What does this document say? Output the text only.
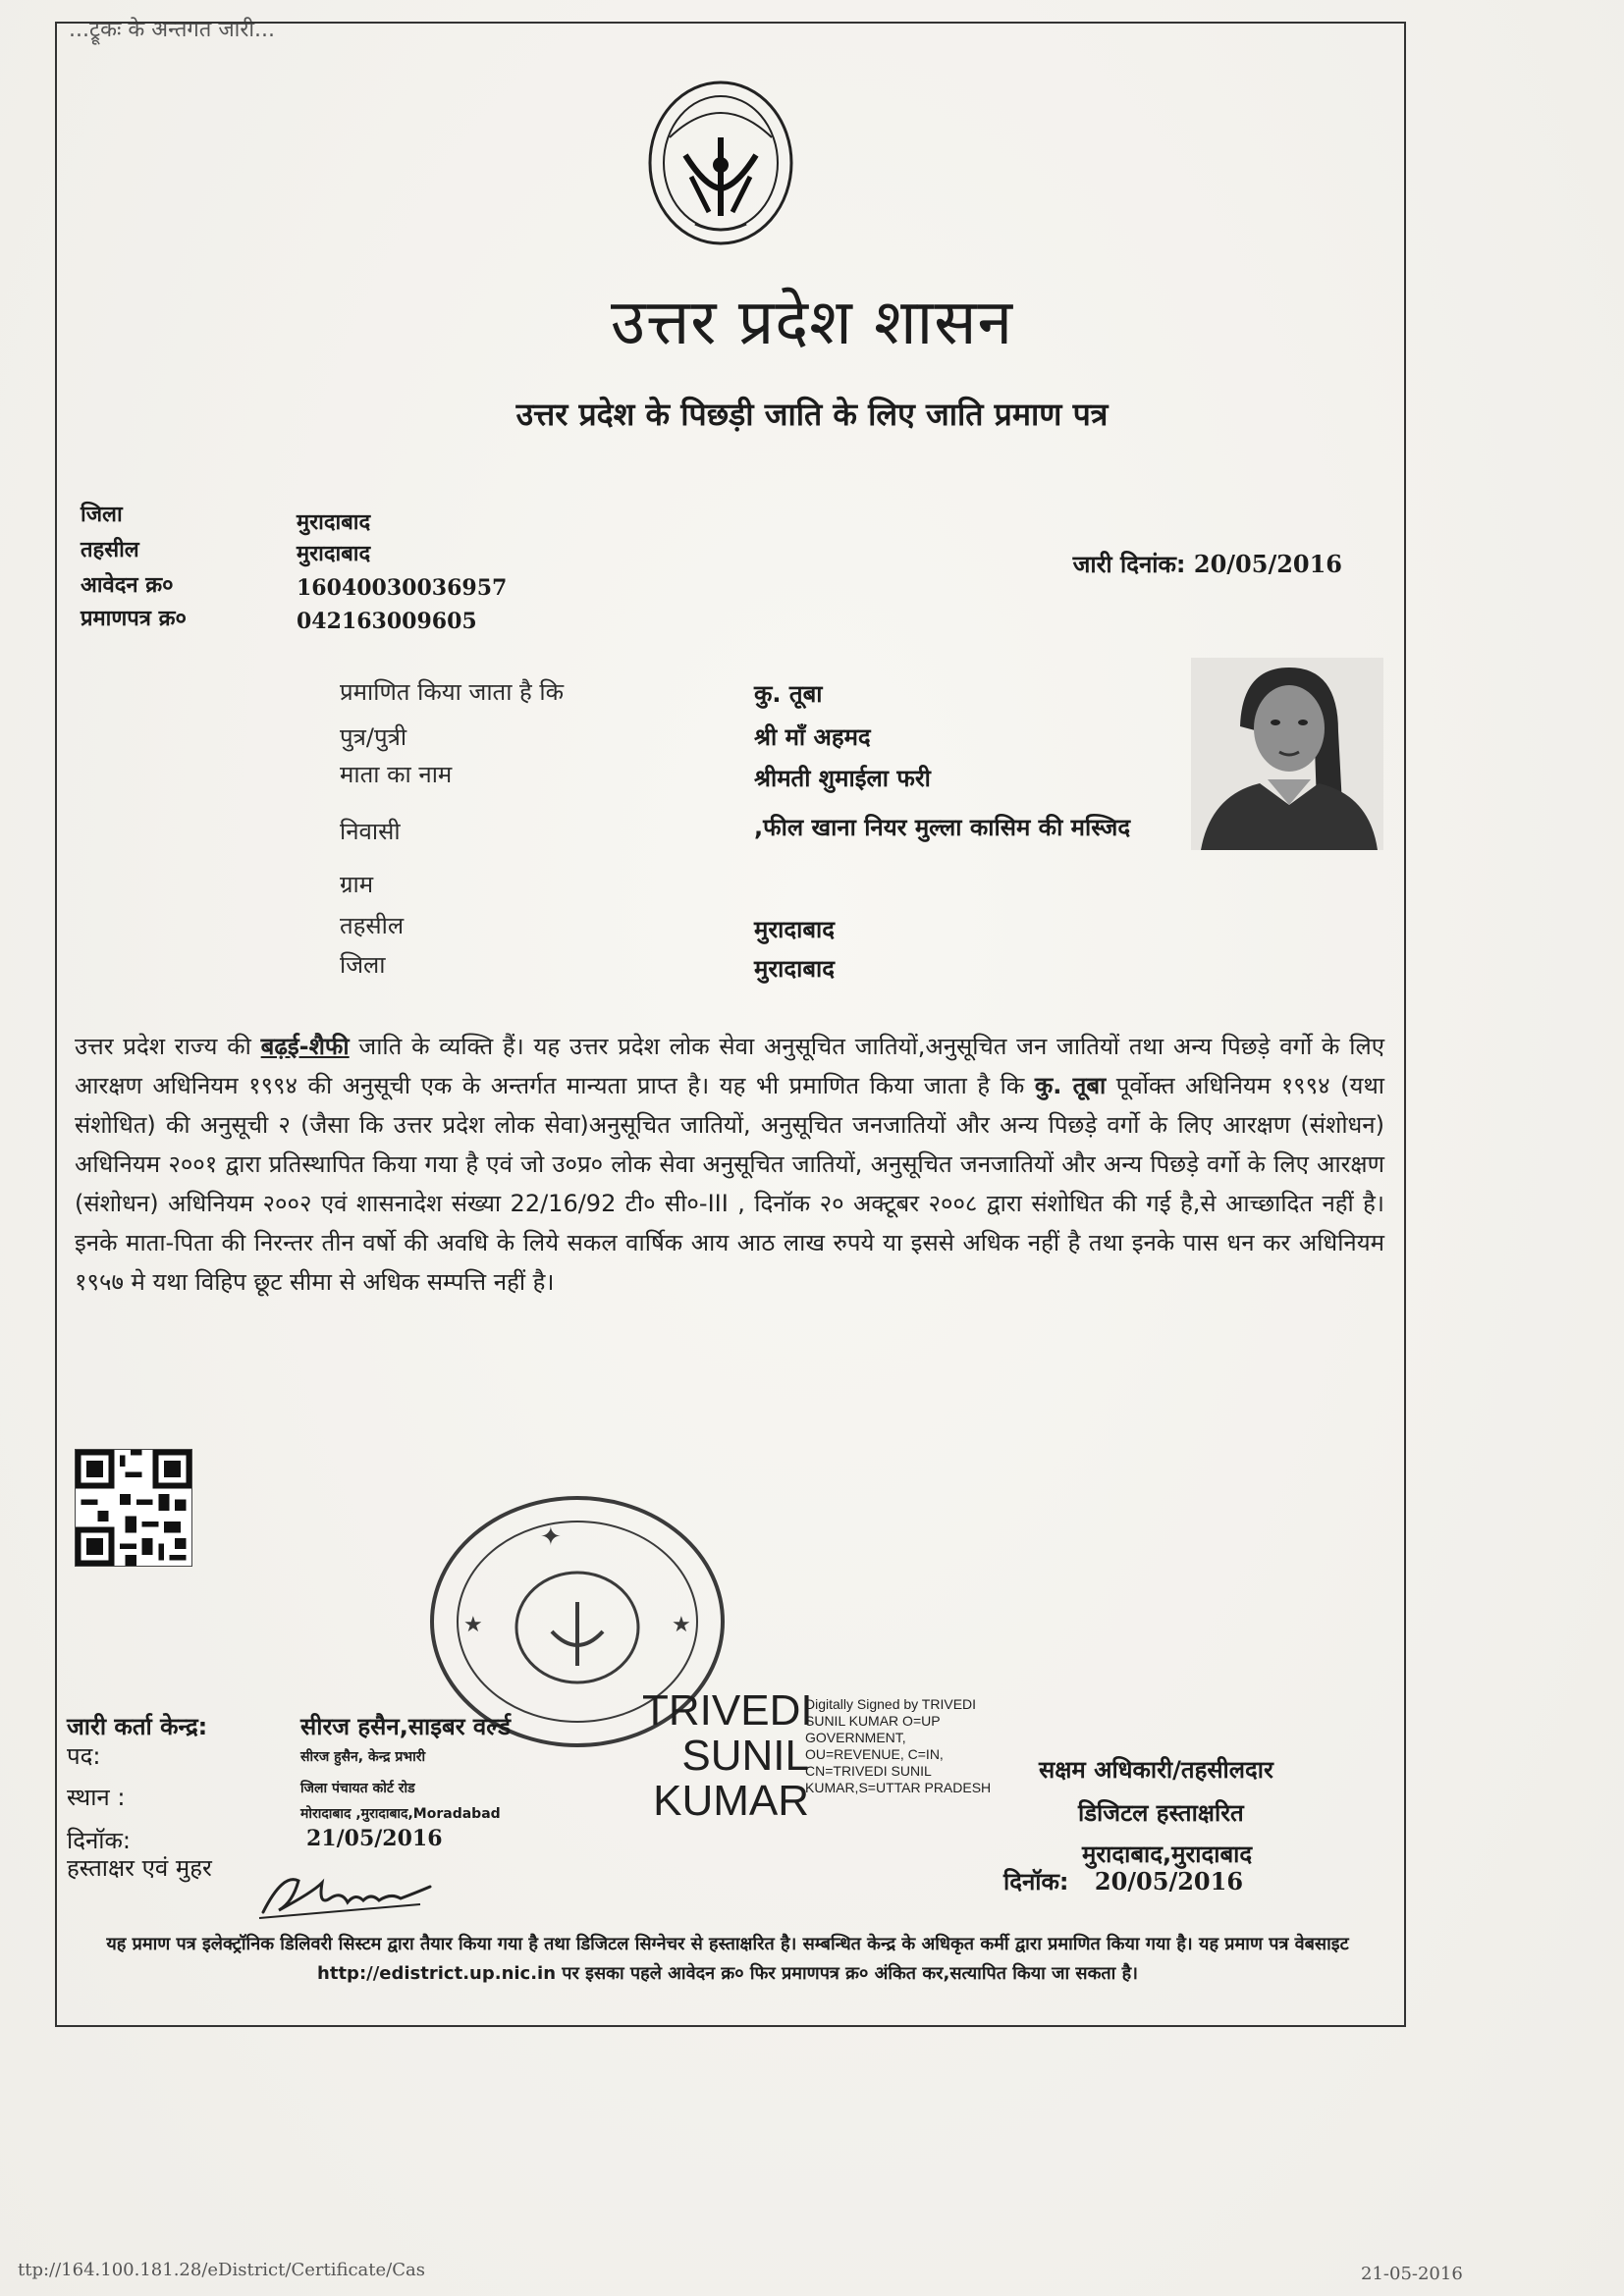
...ट्रूकः के अन्तगत जारी...
उत्तर प्रदेश शासन
उत्तर प्रदेश के पिछड़ी जाति के लिए जाति प्रमाण पत्र
जिला	मुरादाबाद
तहसील	मुरादाबाद
आवेदन क्र०	16040030036957
प्रमाणपत्र क्र०	042163009605
जारी दिनांक: 20/05/2016
प्रमाणित किया जाता है कि	कु. तूबा
पुत्र/पुत्री	श्री माँ अहमद
माता का नाम	श्रीमती शुमाईला फरी
निवासी	,फील खाना नियर मुल्ला कासिम की मस्जिद
ग्राम
तहसील	मुरादाबाद
जिला	मुरादाबाद
उत्तर प्रदेश राज्य की बढ़ई-शैफी जाति के व्यक्ति हैं। यह उत्तर प्रदेश लोक सेवा अनुसूचित जातियों,अनुसूचित जन जातियों तथा अन्य पिछड़े वर्गो के लिए आरक्षण अधिनियम १९९४ की अनुसूची एक के अन्तर्गत मान्यता प्राप्त है। यह भी प्रमाणित किया जाता है कि कु. तूबा पूर्वोक्त अधिनियम १९९४ (यथा संशोधित) की अनुसूची २ (जैसा कि उत्तर प्रदेश लोक सेवा)अनुसूचित जातियों, अनुसूचित जनजातियों और अन्य पिछड़े वर्गो के लिए आरक्षण (संशोधन) अधिनियम २००१ द्वारा प्रतिस्थापित किया गया है एवं जो उ०प्र० लोक सेवा अनुसूचित जातियों, अनुसूचित जनजातियों और अन्य पिछड़े वर्गो के लिए आरक्षण (संशोधन) अधिनियम २००२ एवं शासनादेश संख्या 22/16/92 टी० सी०-III , दिनॉक २० अक्टूबर २००८ द्वारा संशोधित की गई है,से आच्छादित नहीं है।इनके माता-पिता की निरन्तर तीन वर्षो की अवधि के लिये सकल वार्षिक आय आठ लाख रुपये या इससे अधिक नहीं है तथा इनके पास धन कर अधिनियम १९५७ मे यथा विहिप छूट सीमा से अधिक सम्पत्ति नहीं है।
✦
★	★
जारी कर्ता केन्द्र:	सीरज हसैन,साइबर वर्ल्ड
पद:	सीरज हुसैन, केन्द्र प्रभारी
स्थान :	जिला पंचायत कोर्ट रोड
मोरादाबाद ,मुरादाबाद,Moradabad
दिनॉक:	21/05/2016
हस्ताक्षर एवं मुहर
TRIVEDI
SUNIL
KUMAR
Digitally Signed by TRIVEDI SUNIL KUMAR O=UP GOVERNMENT, OU=REVENUE, C=IN, CN=TRIVEDI SUNIL KUMAR,S=UTTAR PRADESH
सक्षम अधिकारी/तहसीलदार
डिजिटल हस्ताक्षरित
मुरादाबाद,मुरादाबाद
दिनॉक: 20/05/2016
यह प्रमाण पत्र इलेक्ट्रॉनिक डिलिवरी सिस्टम द्वारा तैयार किया गया है तथा डिजिटल सिग्नेचर से हस्ताक्षरित है। सम्बन्धित केन्द्र के अधिकृत कर्मी द्वारा प्रमाणित किया गया है। यह प्रमाण पत्र वेबसाइट http://edistrict.up.nic.in पर इसका पहले आवेदन क्र० फिर प्रमाणपत्र क्र० अंकित कर,सत्यापित किया जा सकता है।
ttp://164.100.181.28/eDistrict/Certificate/Cas	21-05-2016
